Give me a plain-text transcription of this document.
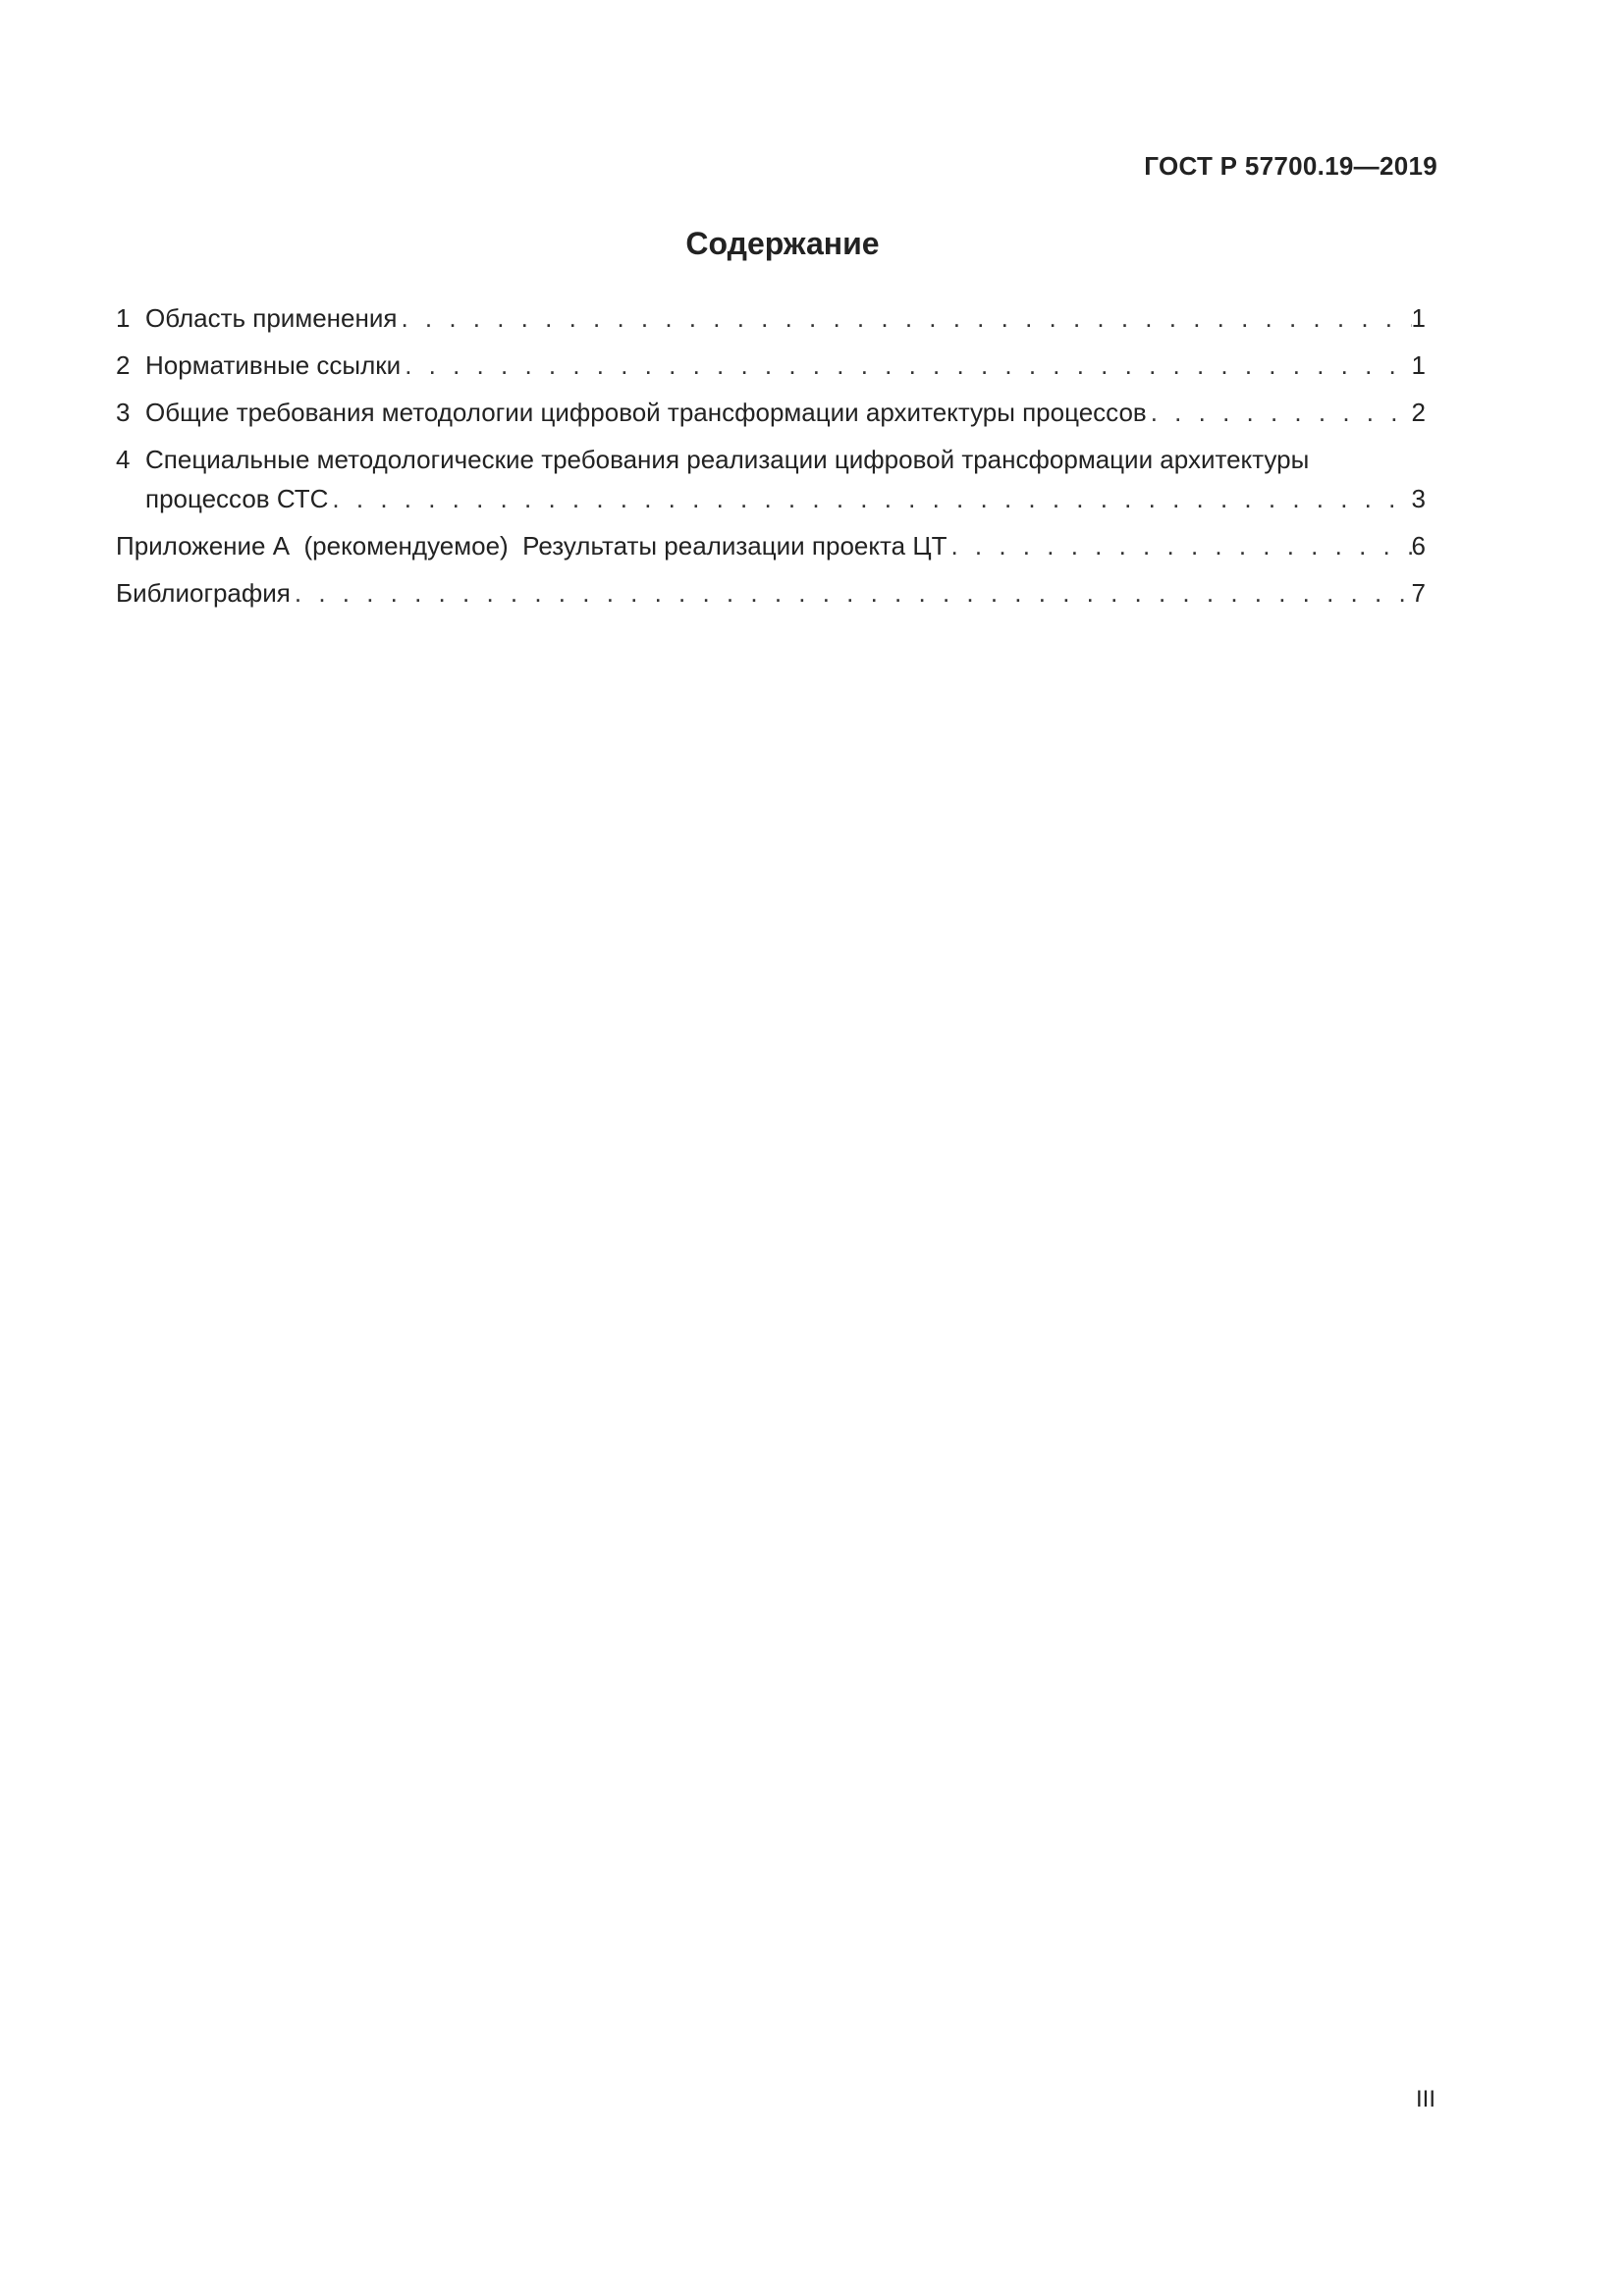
ГОСТ Р 57700.19—2019
Содержание
1 Область применения . . .	1
2 Нормативные ссылки . . .	1
3 Общие требования методологии цифровой трансформации архитектуры процессов . . .	2
4 Специальные методологические требования реализации цифровой трансформации архитектуры
процессов СТС . . .	3
Приложение А  (рекомендуемое)  Результаты реализации проекта ЦТ . . .	6
Библиография . . .	7
III
